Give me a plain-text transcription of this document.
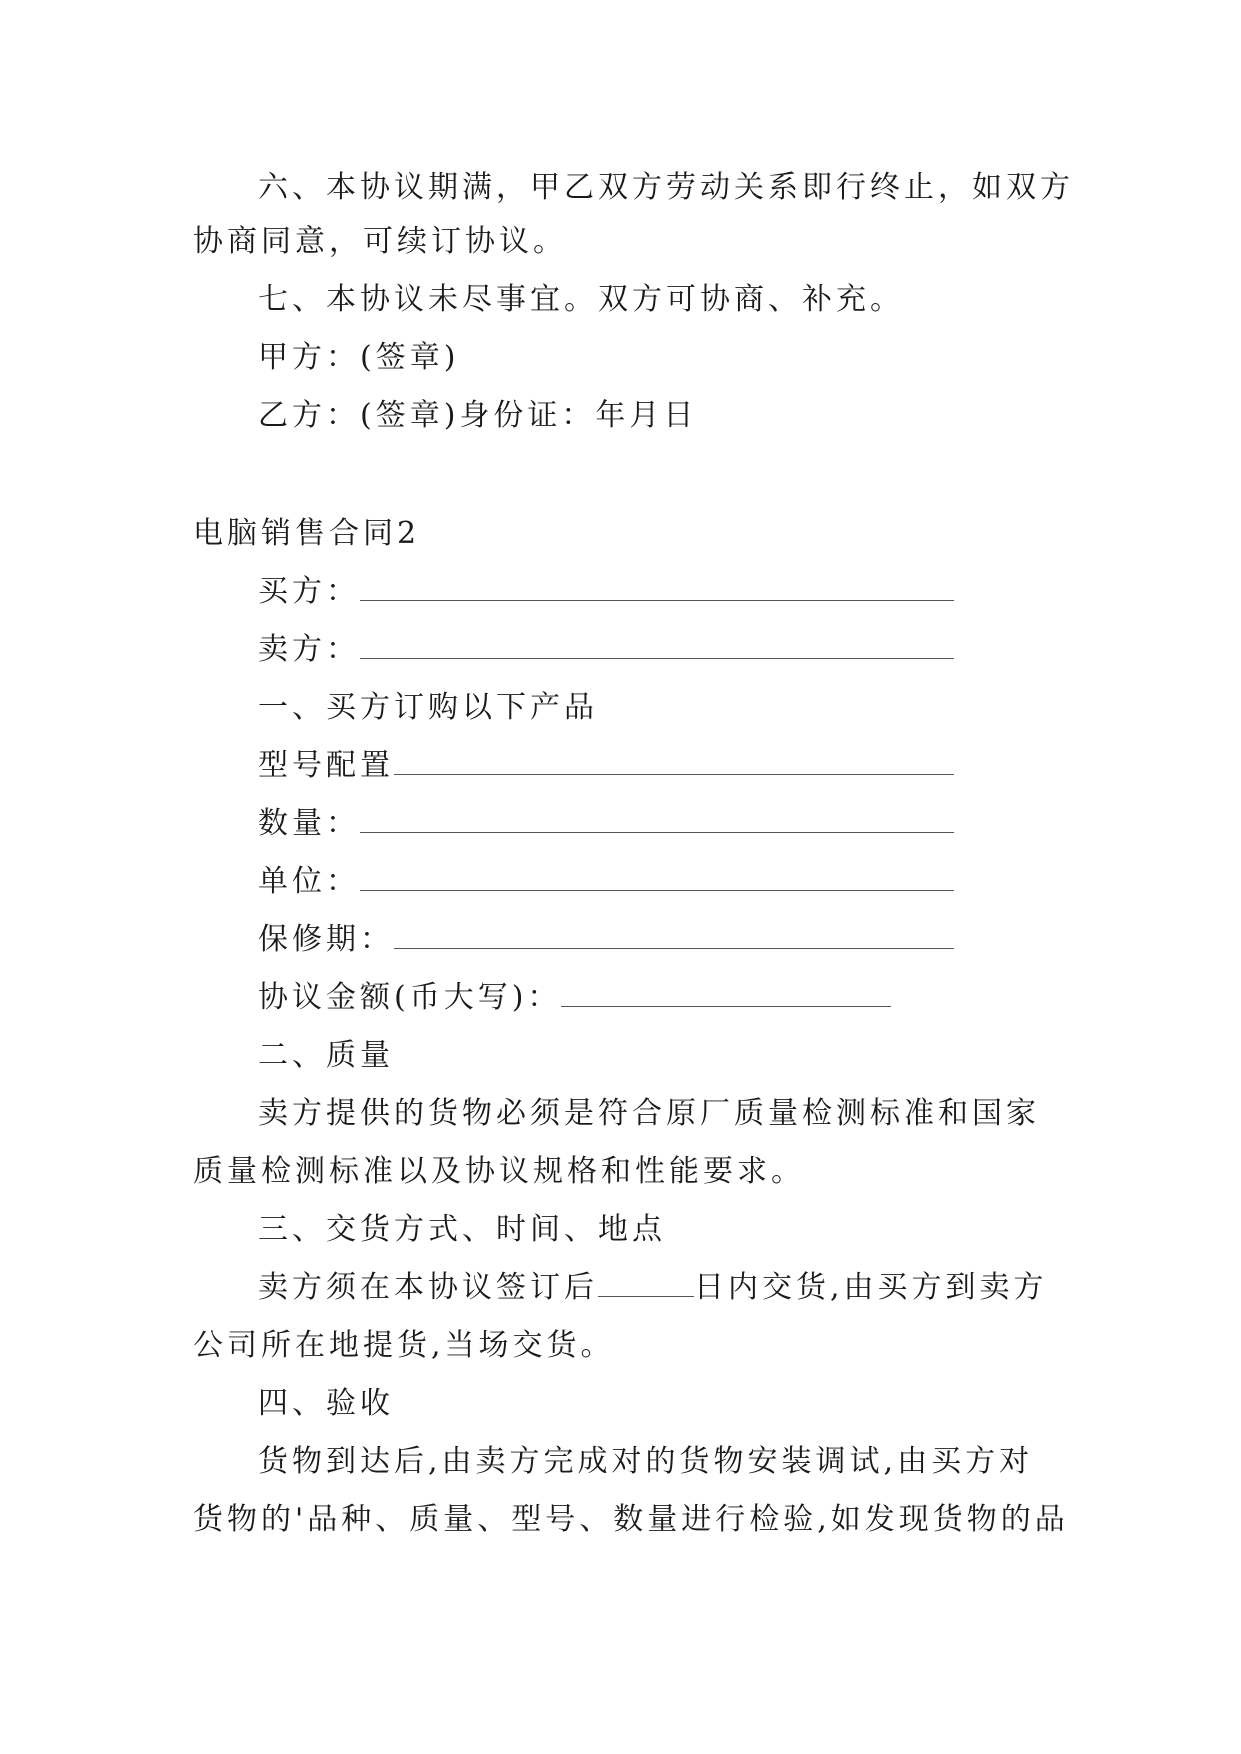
六、本协议期满，甲乙双方劳动关系即行终止，如双方
协商同意，可续订协议。
七、本协议未尽事宜。双方可协商、补充。
甲方：(签章)
乙方：(签章)身份证：年月日
电脑销售合同2
买方：
卖方：
一、买方订购以下产品
型号配置
数量：
单位：
保修期：
协议金额(币大写)：
二、质量
卖方提供的货物必须是符合原厂质量检测标准和国家
质量检测标准以及协议规格和性能要求。
三、交货方式、时间、地点
卖方须在本协议签订后	日内交货,由买方到卖方
公司所在地提货,当场交货。
四、验收
货物到达后,由卖方完成对的货物安装调试,由买方对
货物的'品种、质量、型号、数量进行检验,如发现货物的品
